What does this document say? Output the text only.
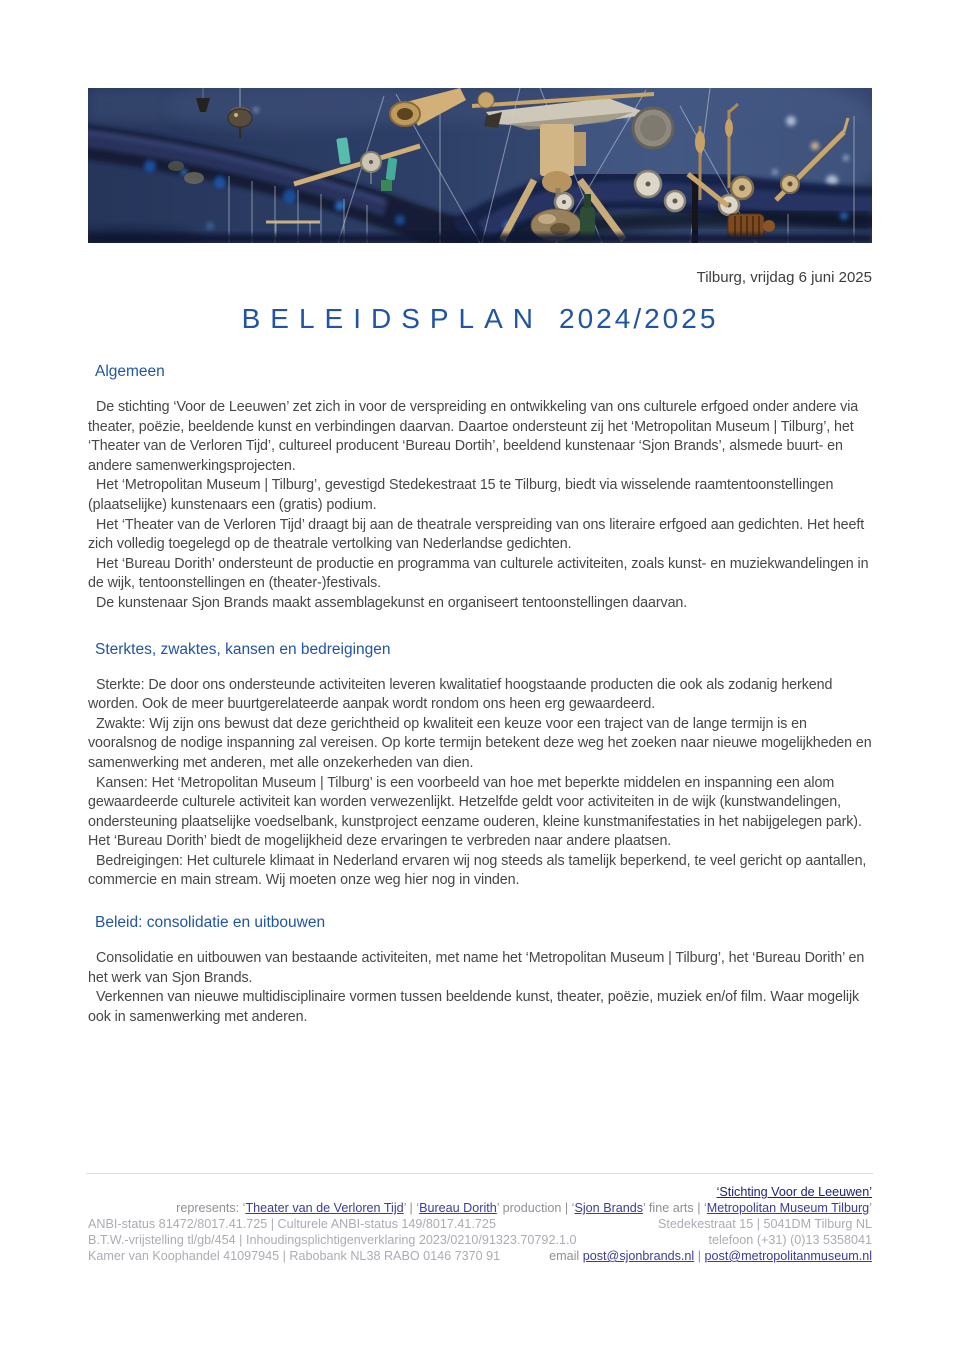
Tilburg, vrijdag 6 juni 2025
BELEIDSPLAN 2024/2025
Algemeen

De stichting ‘Voor de Leeuwen’ zet zich in voor de verspreiding en ontwikkeling van ons culturele erfgoed onder andere via theater, poëzie, beeldende kunst en verbindingen daarvan. Daartoe ondersteunt zij het ‘Metropolitan Museum | Tilburg’, het ‘Theater van de Verloren Tijd’, cultureel producent ‘Bureau Dortih’, beeldend kunstenaar ‘Sjon Brands’, alsmede buurt- en andere samenwerkingsprojecten.

Het ‘Metropolitan Museum | Tilburg’, gevestigd Stedekestraat 15 te Tilburg, biedt via wisselende raamtentoonstellingen (plaatselijke) kunstenaars een (gratis) podium.

Het ‘Theater van de Verloren Tijd’ draagt bij aan de theatrale verspreiding van ons literaire erfgoed aan gedichten. Het heeft zich volledig toegelegd op de theatrale vertolking van Nederlandse gedichten.

Het ‘Bureau Dorith’ ondersteunt de productie en programma van culturele activiteiten, zoals kunst- en muziekwandelingen in de wijk, tentoonstellingen en (theater-)festivals.

De kunstenaar Sjon Brands maakt assemblagekunst en organiseert tentoonstellingen daarvan.

Sterktes, zwaktes, kansen en bedreigingen

Sterkte: De door ons ondersteunde activiteiten leveren kwalitatief hoogstaande producten die ook als zodanig herkend worden. Ook de meer buurtgerelateerde aanpak wordt rondom ons heen erg gewaardeerd.

Zwakte: Wij zijn ons bewust dat deze gerichtheid op kwaliteit een keuze voor een traject van de lange termijn is en vooralsnog de nodige inspanning zal vereisen. Op korte termijn betekent deze weg het zoeken naar nieuwe mogelijkheden en samenwerking met anderen, met alle onzekerheden van dien.

Kansen: Het ‘Metropolitan Museum | Tilburg’ is een voorbeeld van hoe met beperkte middelen en inspanning een alom gewaardeerde culturele activiteit kan worden verwezenlijkt. Hetzelfde geldt voor activiteiten in de wijk (kunstwandelingen, ondersteuning plaatselijke voedselbank, kunstproject eenzame ouderen, kleine kunstmanifestaties in het nabijgelegen park). Het ‘Bureau Dorith’ biedt de mogelijkheid deze ervaringen te verbreden naar andere plaatsen.

Bedreigingen: Het culturele klimaat in Nederland ervaren wij nog steeds als tamelijk beperkend, te veel gericht op aantallen, commercie en main stream. Wij moeten onze weg hier nog in vinden.

Beleid: consolidatie en uitbouwen

Consolidatie en uitbouwen van bestaande activiteiten, met name het ‘Metropolitan Museum | Tilburg’, het ‘Bureau Dorith’ en het werk van Sjon Brands.

Verkennen van nieuwe multidisciplinaire vormen tussen beeldende kunst, theater, poëzie, muziek en/of film. Waar mogelijk ook in samenwerking met anderen.

‘Stichting Voor de Leeuwen’
represents: ‘Theater van de Verloren Tijd’ | ‘Bureau Dorith’ production | ‘Sjon Brands’ fine arts | ‘Metropolitan Museum Tilburg’
ANBI-status 81472/8017.41.725 | Culturele ANBI-status 149/8017.41.725	Stedekestraat 15 | 5041DM Tilburg NL
B.T.W.-vrijstelling tl/gb/454 | Inhoudingsplichtigenverklaring 2023/0210/91323.70792.1.0	telefoon (+31) (0)13 5358041
Kamer van Koophandel 41097945 | Rabobank NL38 RABO 0146 7370 91	email post@sjonbrands.nl | post@metropolitanmuseum.nl
